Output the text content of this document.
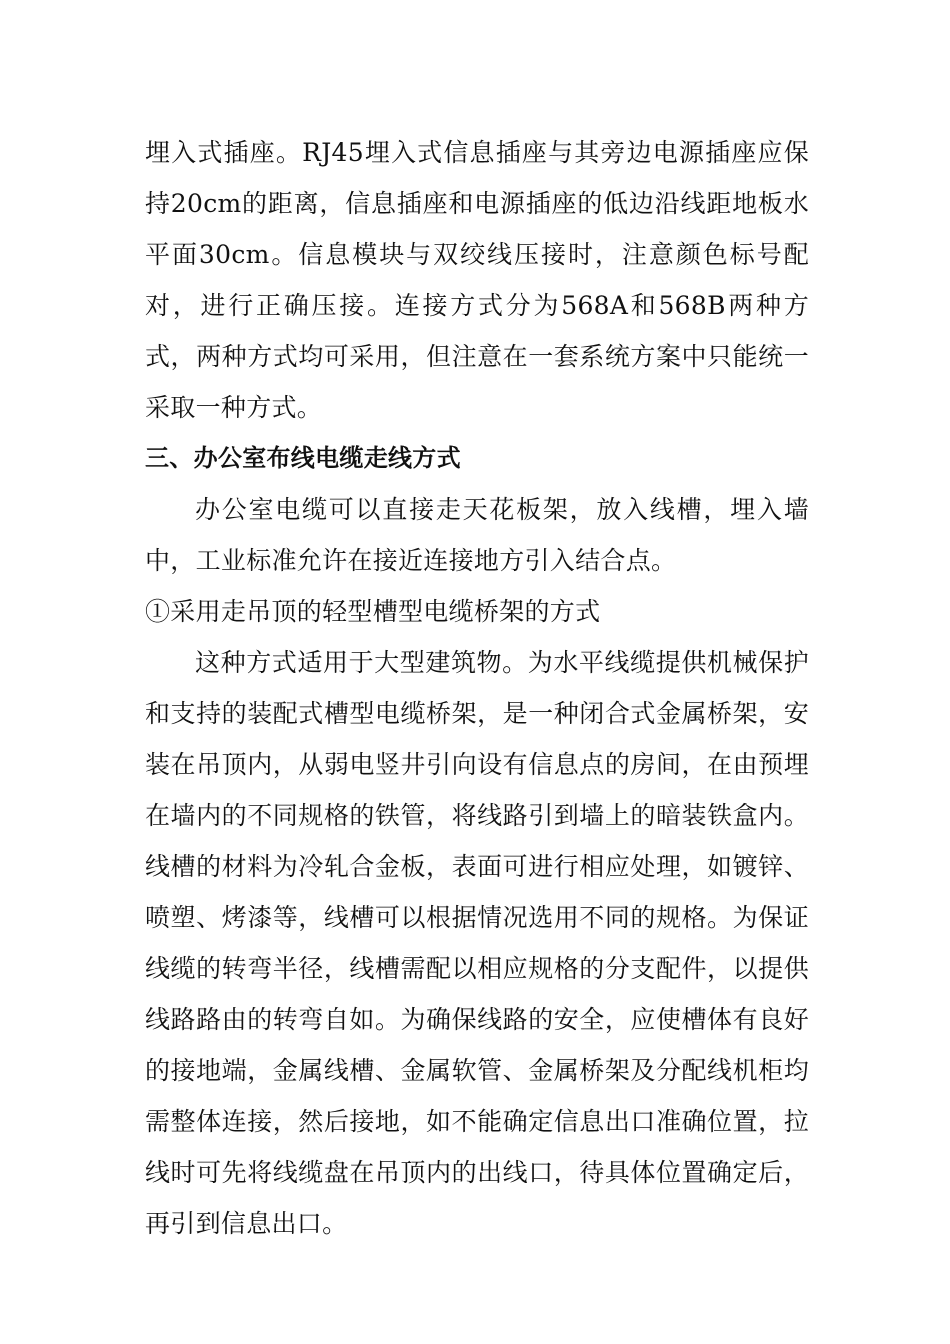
埋入式插座。RJ45埋入式信息插座与其旁边电源插座应保持20cm的距离，信息插座和电源插座的低边沿线距地板水平面30cm。信息模块与双绞线压接时，注意颜色标号配对，进行正确压接。连接方式分为568A和568B两种方式，两种方式均可采用，但注意在一套系统方案中只能统一采取一种方式。

三、办公室布线电缆走线方式

办公室电缆可以直接走天花板架，放入线槽，埋入墙中，工业标准允许在接近连接地方引入结合点。

①采用走吊顶的轻型槽型电缆桥架的方式

这种方式适用于大型建筑物。为水平线缆提供机械保护和支持的装配式槽型电缆桥架，是一种闭合式金属桥架，安装在吊顶内，从弱电竖井引向设有信息点的房间，在由预埋在墙内的不同规格的铁管，将线路引到墙上的暗装铁盒内。线槽的材料为冷轧合金板，表面可进行相应处理，如镀锌、喷塑、烤漆等，线槽可以根据情况选用不同的规格。为保证线缆的转弯半径，线槽需配以相应规格的分支配件，以提供线路路由的转弯自如。为确保线路的安全，应使槽体有良好的接地端，金属线槽、金属软管、金属桥架及分配线机柜均需整体连接，然后接地，如不能确定信息出口准确位置，拉线时可先将线缆盘在吊顶内的出线口，待具体位置确定后，再引到信息出口。
